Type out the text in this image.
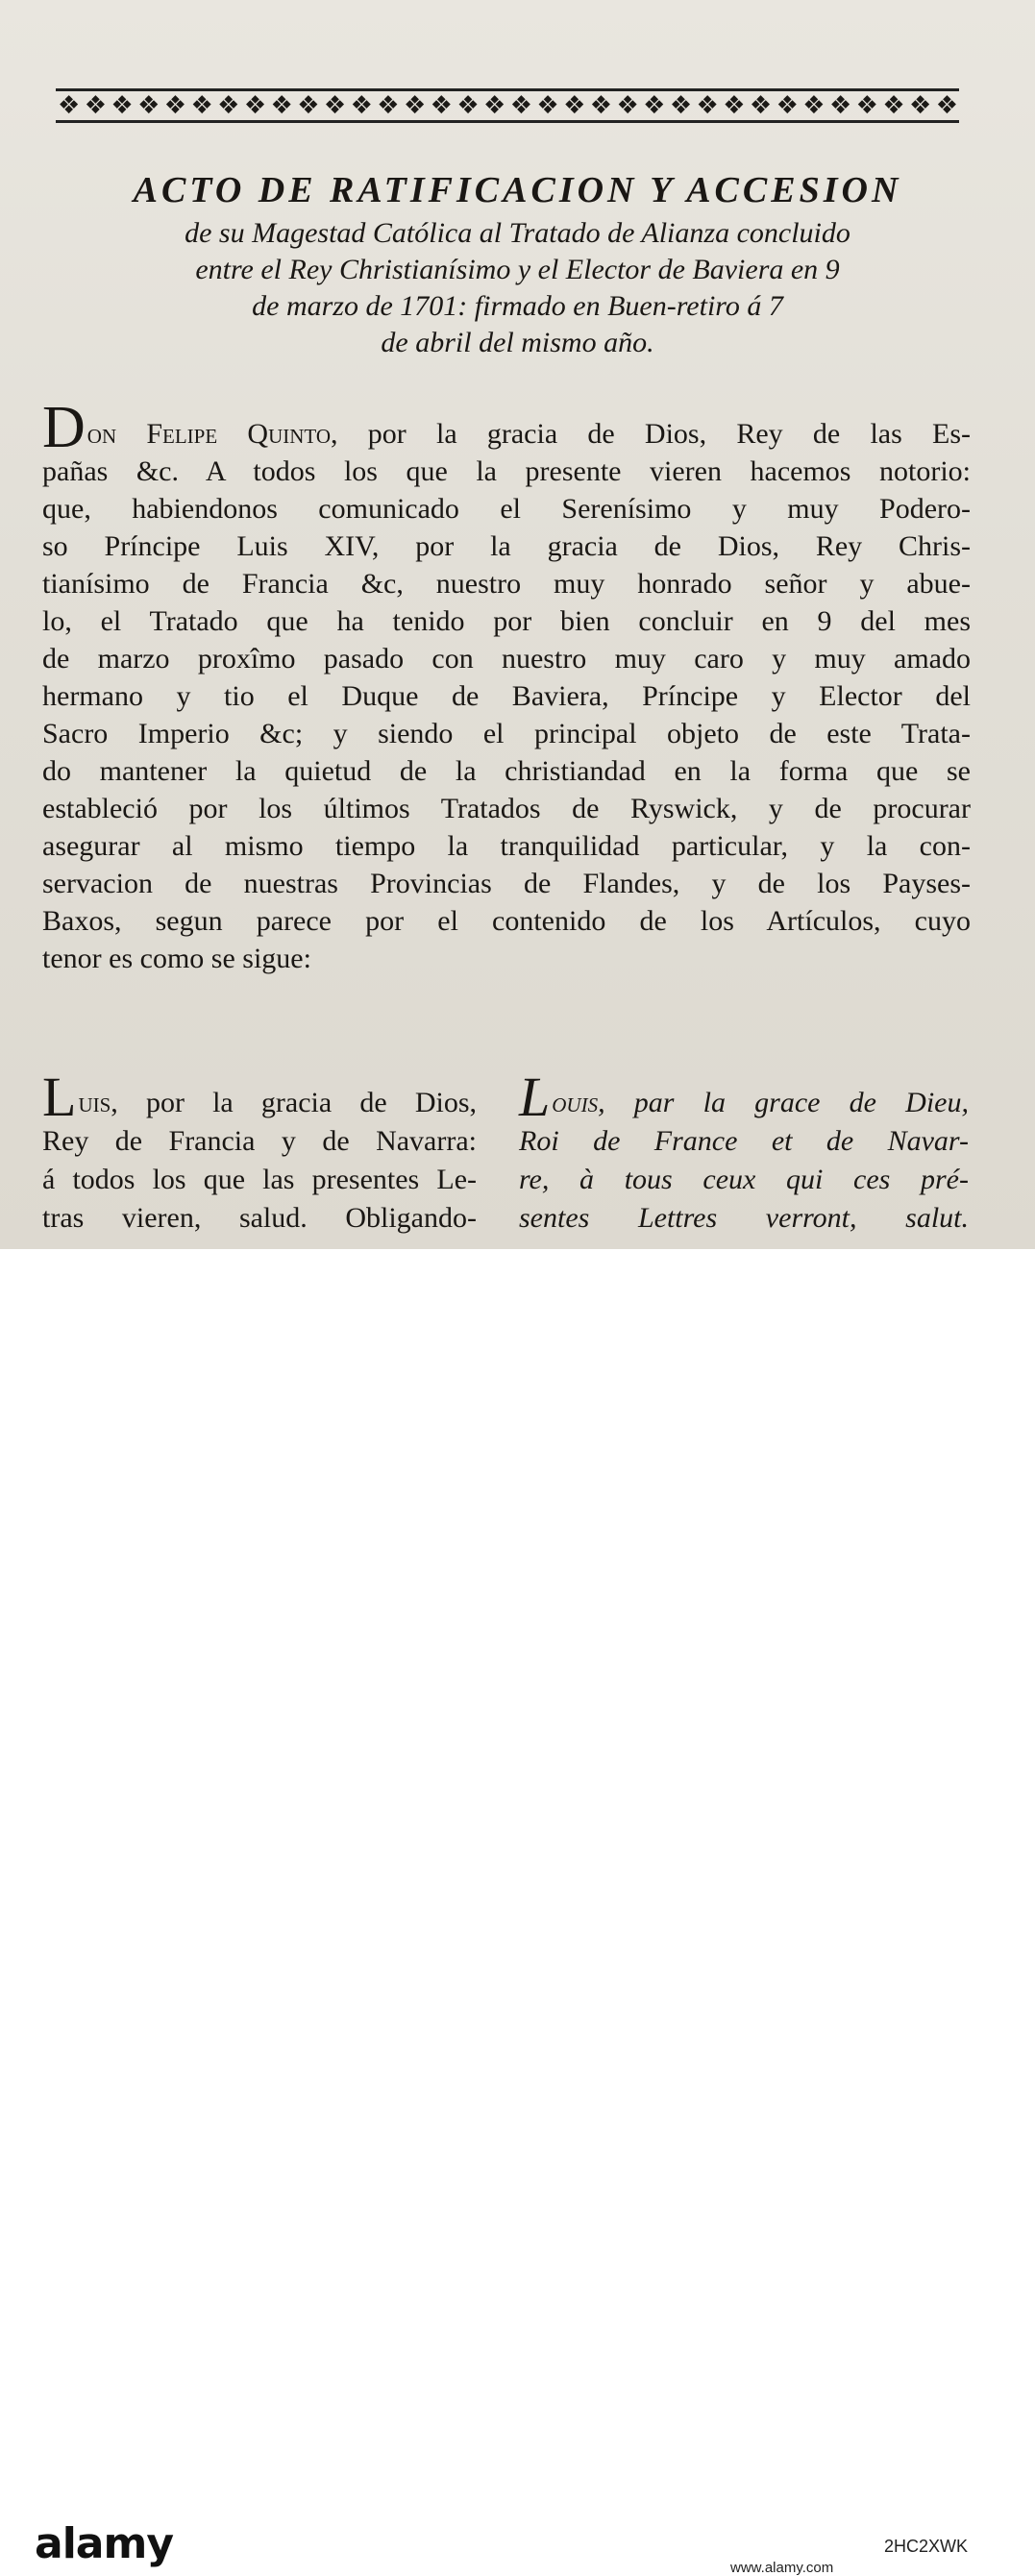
❖ ❖ ❖ ❖ ❖ ❖ ❖ ❖ ❖ ❖ ❖ ❖ ❖ ❖ ❖ ❖ ❖ ❖ ❖ ❖ ❖ ❖ ❖ ❖ ❖ ❖ ❖ ❖ ❖ ❖ ❖ ❖ ❖ ❖
ACTO DE RATIFICACION Y ACCESION
de su Magestad Católica al Tratado de Alianza concluido
entre el Rey Christianísimo y el Elector de Baviera en 9
de marzo de 1701: firmado en Buen-retiro á 7
de abril del mismo año.
Don Felipe Quinto, por la gracia de Dios, Rey de las Es-
pañas &c. A todos los que la presente vieren hacemos notorio:
que, habiendonos comunicado el Serenísimo y muy Podero-
so Príncipe Luis XIV, por la gracia de Dios, Rey Chris-
tianísimo de Francia &c, nuestro muy honrado señor y abue-
lo, el Tratado que ha tenido por bien concluir en 9 del mes
de marzo proxîmo pasado con nuestro muy caro y muy amado
hermano y tio el Duque de Baviera, Príncipe y Elector del
Sacro Imperio &c; y siendo el principal objeto de este Trata-
do mantener la quietud de la christiandad en la forma que se
estableció por los últimos Tratados de Ryswick, y de procurar
asegurar al mismo tiempo la tranquilidad particular, y la con-
servacion de nuestras Provincias de Flandes, y de los Payses-
Baxos, segun parece por el contenido de los Artículos, cuyo
tenor es como se sigue:
Luis, por la gracia de Dios,
Rey de Francia y de Navarra:
á todos los que las presentes Le-
tras vieren, salud. Obligando-
Louis, par la grace de Dieu,
Roi de France et de Navar-
re, à tous ceux qui ces pré-
sentes Lettres verront, salut.
alamy	2HC2XWK
www.alamy.com
